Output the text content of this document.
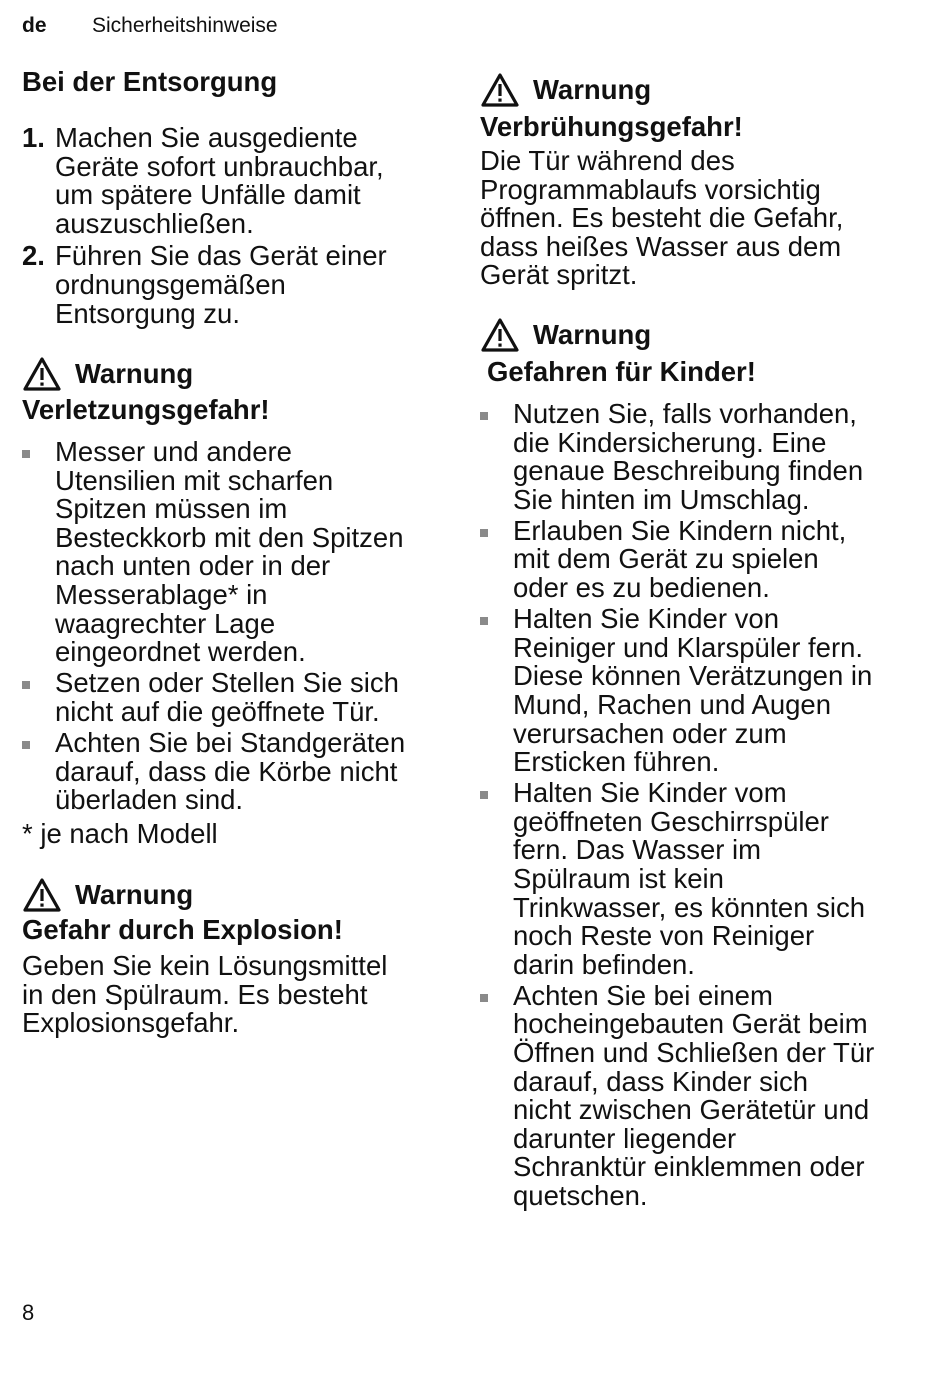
de	Sicherheitshinweise
Bei der Entsorgung
1. Machen Sie ausgediente
Geräte sofort unbrauchbar,
um spätere Unfälle damit
auszuschließen.
2. Führen Sie das Gerät einer
ordnungsgemäßen
Entsorgung zu.
Warnung
Verletzungsgefahr!
Messer und andere
Utensilien mit scharfen
Spitzen müssen im
Besteckkorb mit den Spitzen
nach unten oder in der
Messerablage* in
waagrechter Lage
eingeordnet werden.
Setzen oder Stellen Sie sich
nicht auf die geöffnete Tür.
Achten Sie bei Standgeräten
darauf, dass die Körbe nicht
überladen sind.
* je nach Modell
Warnung
Gefahr durch Explosion!
Geben Sie kein Lösungsmittel
in den Spülraum. Es besteht
Explosionsgefahr.
Warnung
Verbrühungsgefahr!
Die Tür während des
Programmablaufs vorsichtig
öffnen. Es besteht die Gefahr,
dass heißes Wasser aus dem
Gerät spritzt.
Warnung
Gefahren für Kinder!
Nutzen Sie, falls vorhanden,
die Kindersicherung. Eine
genaue Beschreibung finden
Sie hinten im Umschlag.
Erlauben Sie Kindern nicht,
mit dem Gerät zu spielen
oder es zu bedienen.
Halten Sie Kinder von
Reiniger und Klarspüler fern.
Diese können Verätzungen in
Mund, Rachen und Augen
verursachen oder zum
Ersticken führen.
Halten Sie Kinder vom
geöffneten Geschirrspüler
fern. Das Wasser im
Spülraum ist kein
Trinkwasser, es könnten sich
noch Reste von Reiniger
darin befinden.
Achten Sie bei einem
hocheingebauten Gerät beim
Öffnen und Schließen der Tür
darauf, dass Kinder sich
nicht zwischen Gerätetür und
darunter liegender
Schranktür einklemmen oder
quetschen.
8
